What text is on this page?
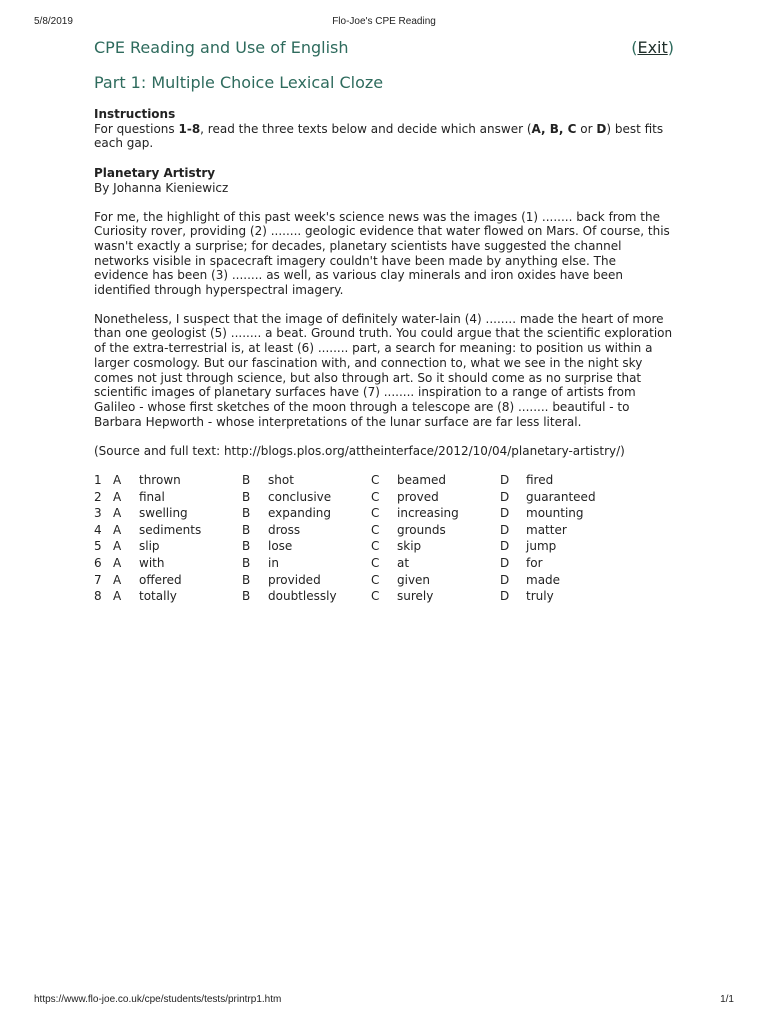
5/8/2019	Flo-Joe's CPE Reading
CPE Reading and Use of English	(Exit)
Part 1: Multiple Choice Lexical Cloze
Instructions
For questions 1-8, read the three texts below and decide which answer (A, B, C or D) best fits each gap.
Planetary Artistry
By Johanna Kieniewicz
For me, the highlight of this past week's science news was the images (1) ........ back from the Curiosity rover, providing (2) ........ geologic evidence that water flowed on Mars. Of course, this wasn't exactly a surprise; for decades, planetary scientists have suggested the channel networks visible in spacecraft imagery couldn't have been made by anything else. The evidence has been (3) ........ as well, as various clay minerals and iron oxides have been identified through hyperspectral imagery.
Nonetheless, I suspect that the image of definitely water-lain (4) ........ made the heart of more than one geologist (5) ........ a beat. Ground truth. You could argue that the scientific exploration of the extra-terrestrial is, at least (6) ........ part, a search for meaning: to position us within a larger cosmology. But our fascination with, and connection to, what we see in the night sky comes not just through science, but also through art. So it should come as no surprise that scientific images of planetary surfaces have (7) ........ inspiration to a range of artists from Galileo - whose first sketches of the moon through a telescope are (8) ........ beautiful - to Barbara Hepworth - whose interpretations of the lunar surface are far less literal.
(Source and full text: http://blogs.plos.org/attheinterface/2012/10/04/planetary-artistry/)
1	A	thrown	B	shot	C	beamed	D	fired
2	A	final	B	conclusive	C	proved	D	guaranteed
3	A	swelling	B	expanding	C	increasing	D	mounting
4	A	sediments	B	dross	C	grounds	D	matter
5	A	slip	B	lose	C	skip	D	jump
6	A	with	B	in	C	at	D	for
7	A	offered	B	provided	C	given	D	made
8	A	totally	B	doubtlessly	C	surely	D	truly
https://www.flo-joe.co.uk/cpe/students/tests/printrp1.htm	1/1
